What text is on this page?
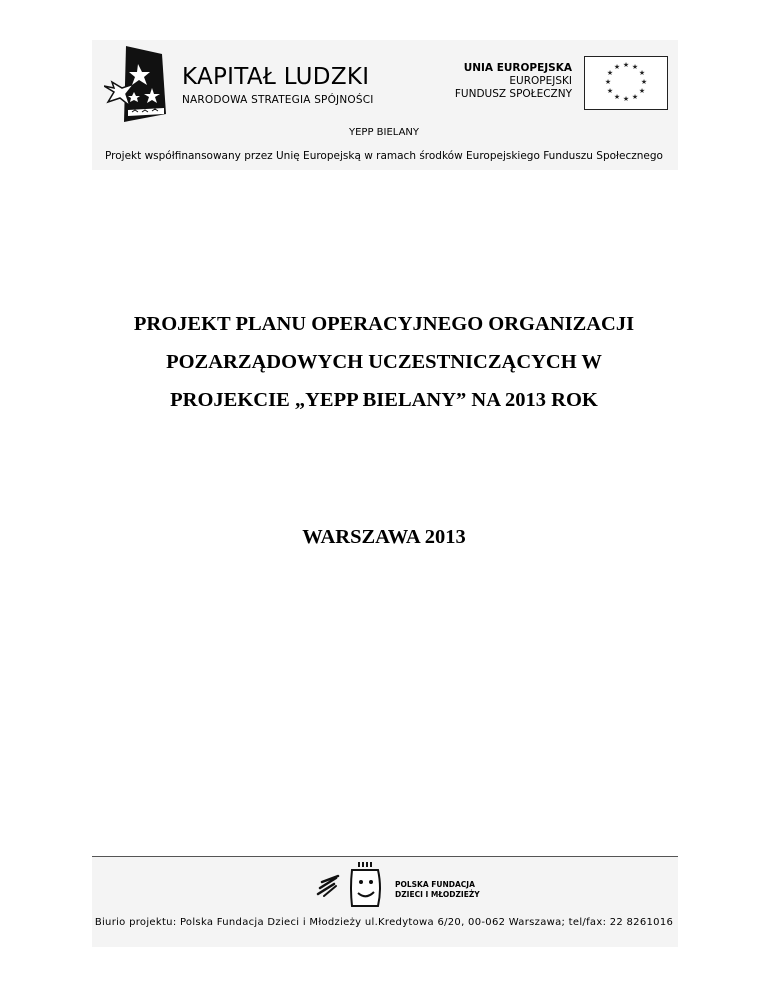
KAPITAŁ LUDZKI
NARODOWA STRATEGIA SPÓJNOŚCI
UNIA EUROPEJSKA
EUROPEJSKI
FUNDUSZ SPOŁECZNY
★ ★
★
★
★
★
★
★
★
★
★
★
YEPP BIELANY
Projekt współfinansowany przez Unię Europejską w ramach środków Europejskiego Funduszu Społecznego
PROJEKT PLANU OPERACYJNEGO ORGANIZACJI
POZARZĄDOWYCH UCZESTNICZĄCYCH W
PROJEKCIE „YEPP BIELANY” NA 2013 ROK
WARSZAWA 2013
POLSKA FUNDACJA
DZIECI I MŁODZIEŻY
Biurio projektu: Polska Fundacja Dzieci i Młodzieży ul.Kredytowa 6/20, 00-062 Warszawa; tel/fax: 22 8261016
